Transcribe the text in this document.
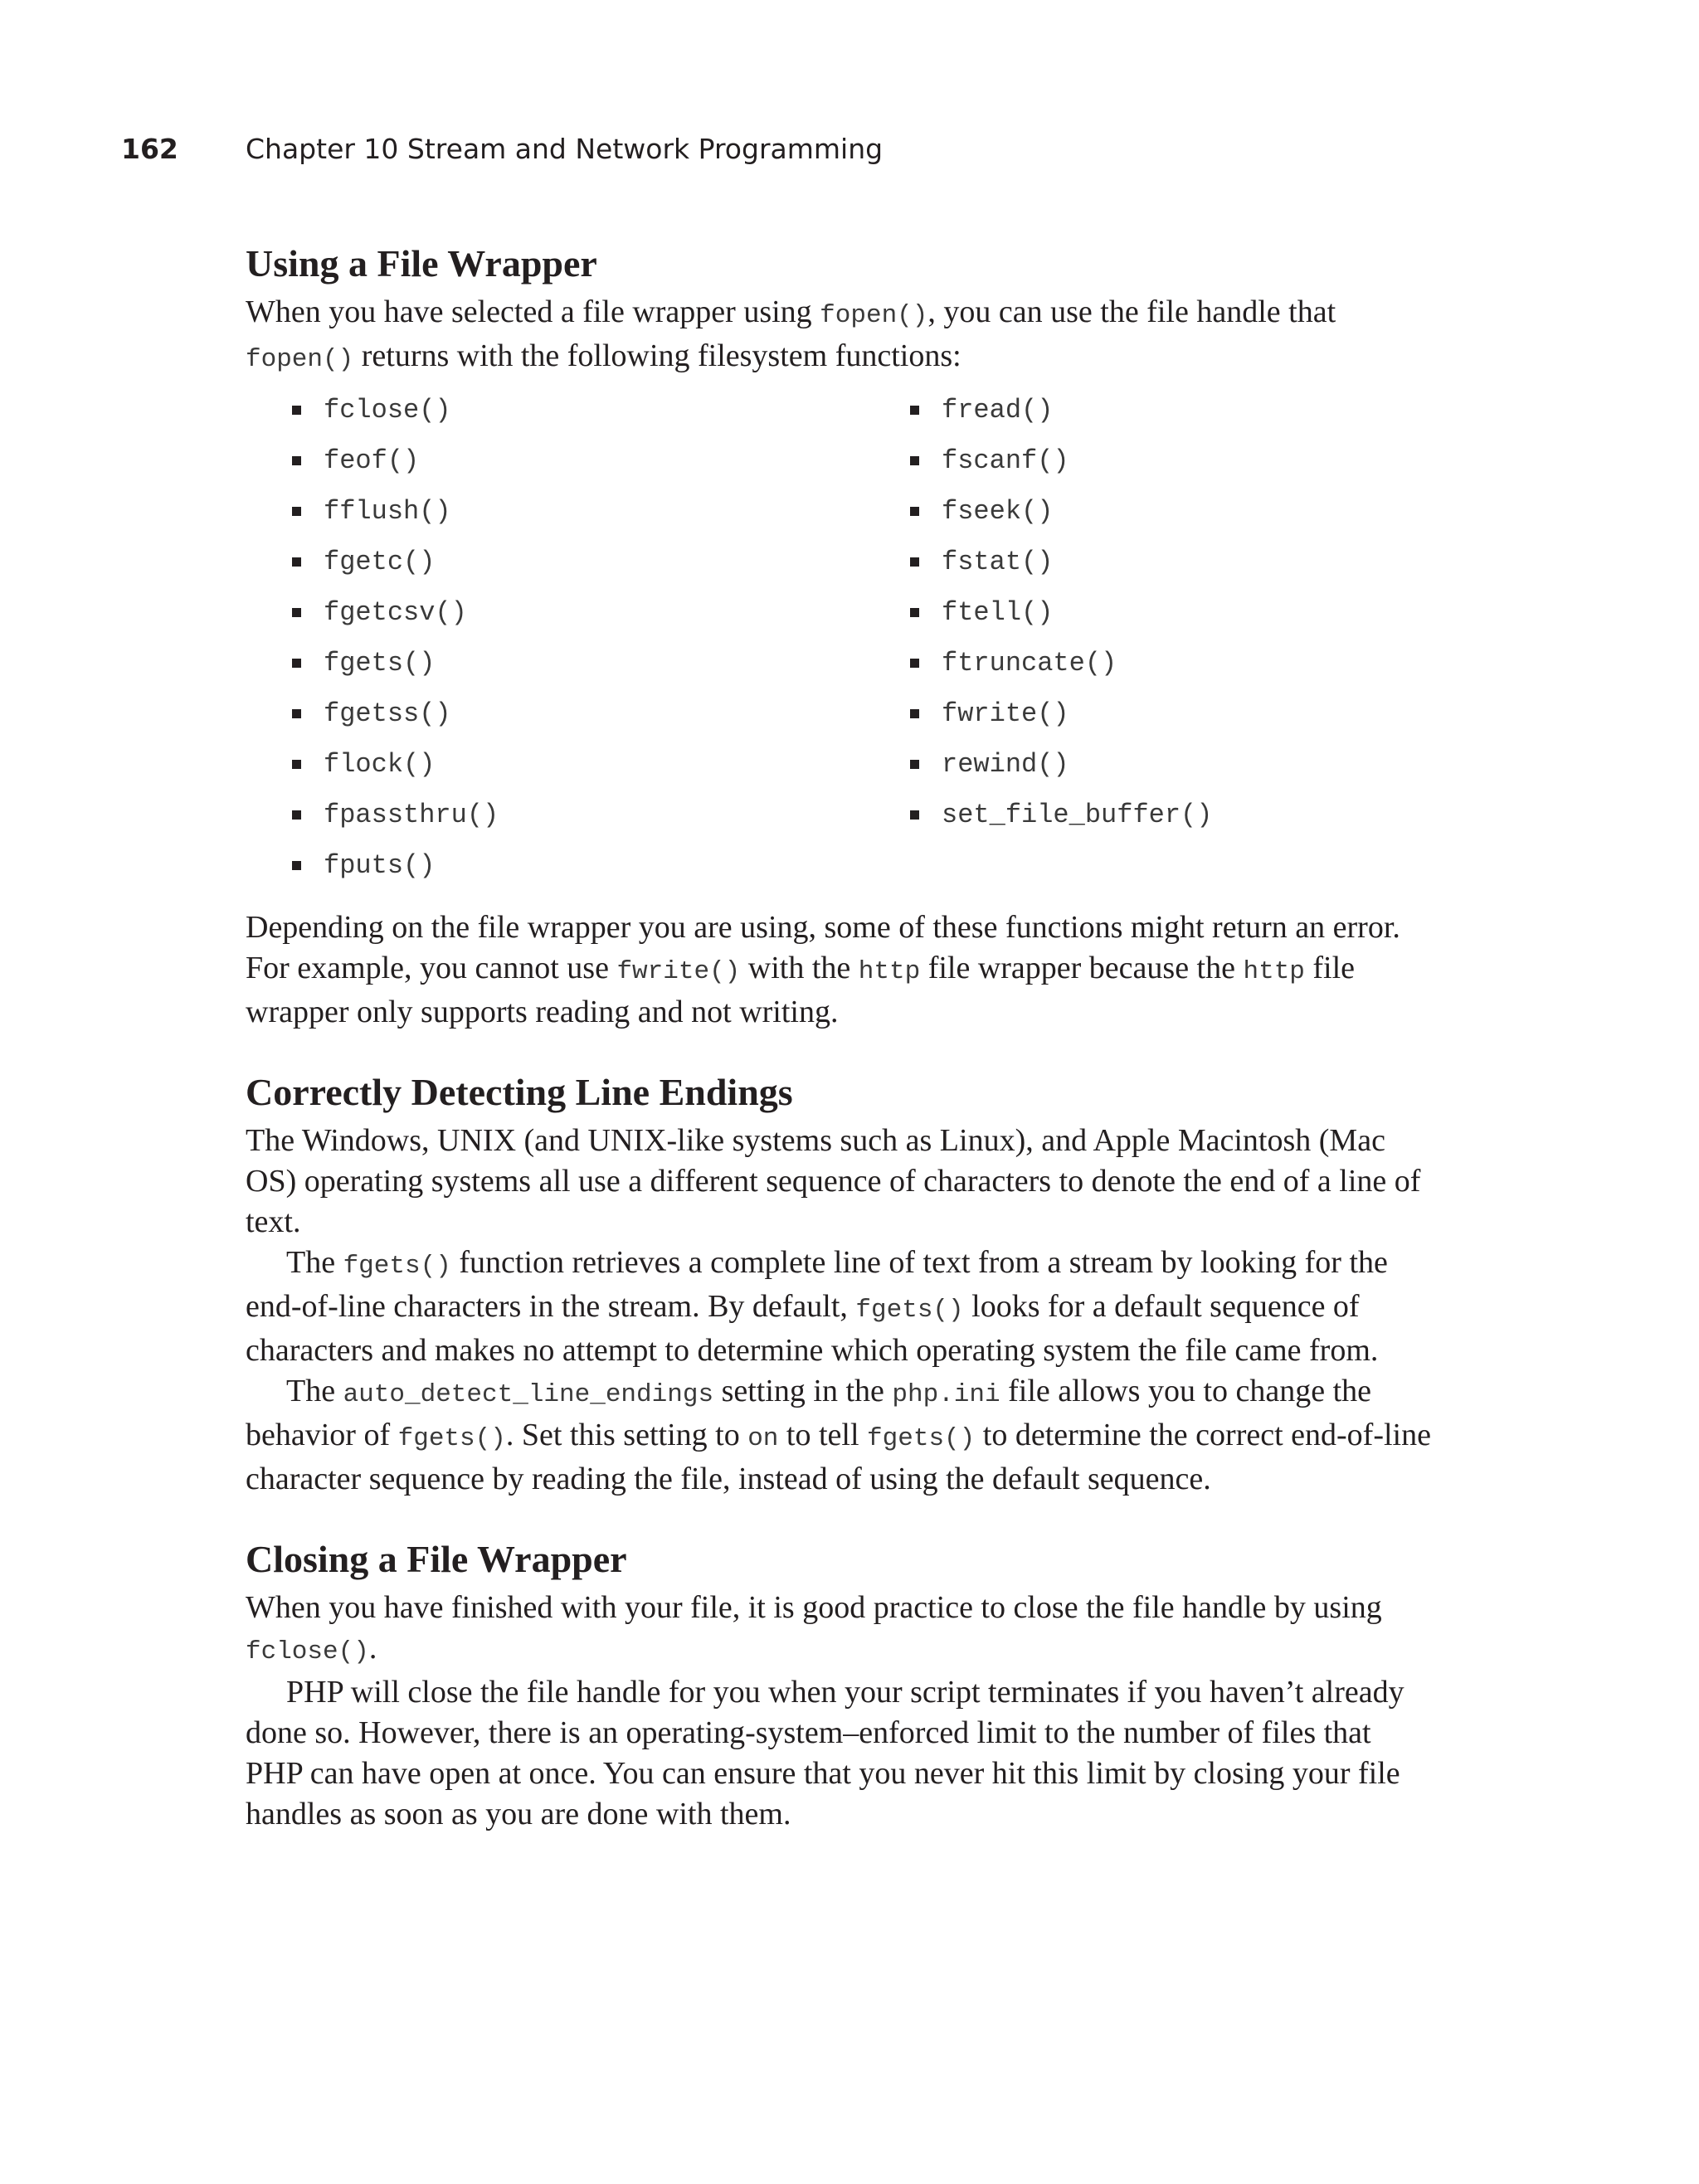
162 Chapter 10 Stream and Network Programming
Using a File Wrapper

When you have selected a file wrapper using fopen(), you can use the file handle that fopen() returns with the following filesystem functions:

fclose()
feof()
fflush()
fgetc()
fgetcsv()
fgets()
fgetss()
flock()
fpassthru()
fputs()
fread()
fscanf()
fseek()
fstat()
ftell()
ftruncate()
fwrite()
rewind()
set_file_buffer()

Depending on the file wrapper you are using, some of these functions might return an error. For example, you cannot use fwrite() with the http file wrapper because the http file wrapper only supports reading and not writing.

Correctly Detecting Line Endings

The Windows, UNIX (and UNIX-like systems such as Linux), and Apple Macintosh (Mac OS) operating systems all use a different sequence of characters to denote the end of a line of text.

The fgets() function retrieves a complete line of text from a stream by looking for the end-of-line characters in the stream. By default, fgets() looks for a default sequence of characters and makes no attempt to determine which operating system the file came from.

The auto_detect_line_endings setting in the php.ini file allows you to change the behavior of fgets(). Set this setting to on to tell fgets() to determine the correct end-of-line character sequence by reading the file, instead of using the default sequence.

Closing a File Wrapper

When you have finished with your file, it is good practice to close the file handle by using fclose().

PHP will close the file handle for you when your script terminates if you haven’t already done so. However, there is an operating-system–enforced limit to the number of files that PHP can have open at once. You can ensure that you never hit this limit by closing your file handles as soon as you are done with them.
